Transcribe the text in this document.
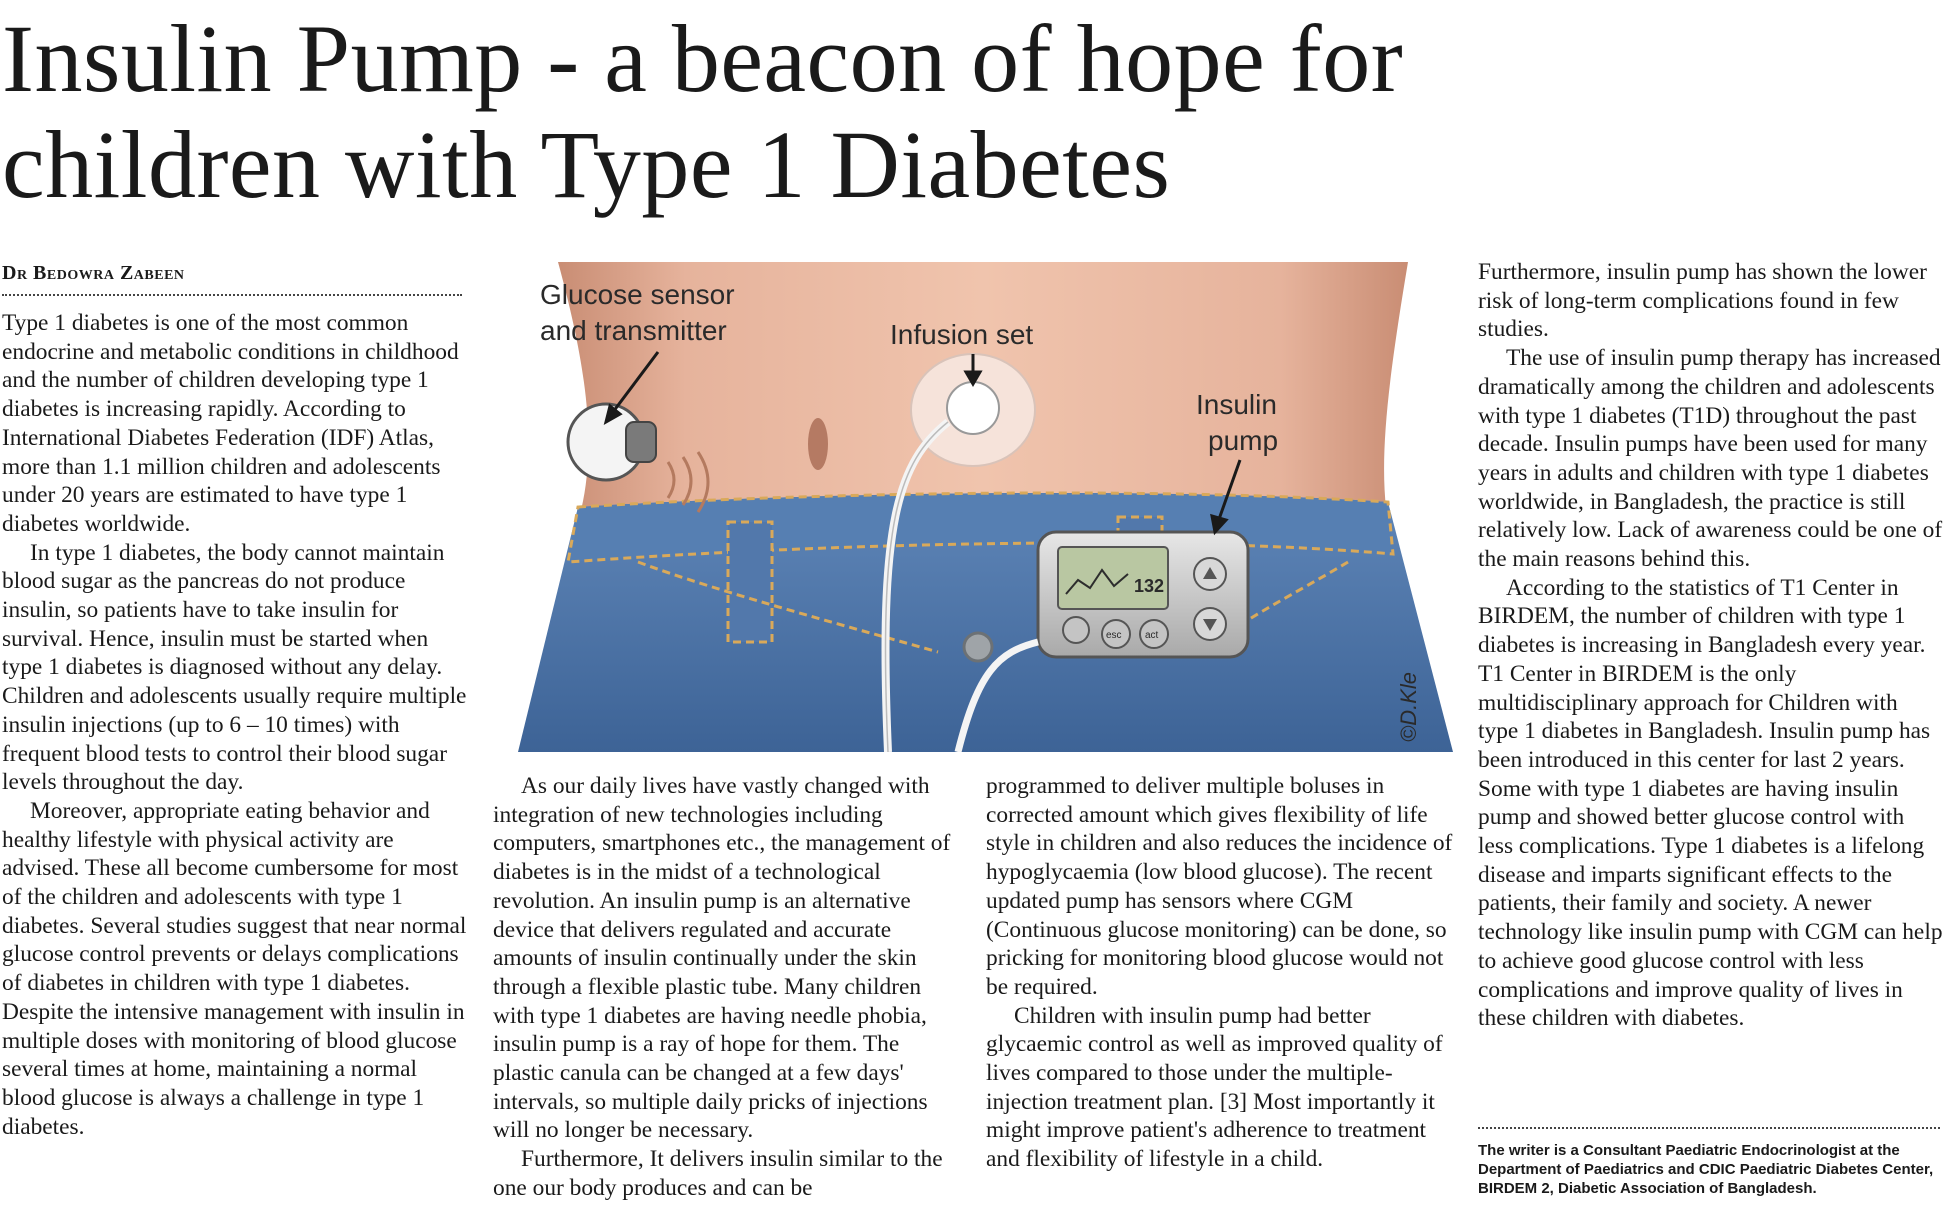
Insulin Pump - a beacon of hope for
children with Type 1 Diabetes
Dr Bedowra Zabeen

Type 1 diabetes is one of the most common endocrine and metabolic conditions in childhood and the number of children developing type 1 diabetes is increasing rapidly. According to International Diabetes Federation (IDF) Atlas, more than 1.1 million children and adolescents under 20 years are estimated to have type 1 diabetes worldwide.

In type 1 diabetes, the body cannot maintain blood sugar as the pancreas do not produce insulin, so patients have to take insulin for survival. Hence, insulin must be started when type 1 diabetes is diagnosed without any delay. Children and adolescents usually require multiple insulin injections (up to 6 – 10 times) with frequent blood tests to control their blood sugar levels throughout the day.

Moreover, appropriate eating behavior and healthy lifestyle with physical activity are advised. These all become cumbersome for most of the children and adolescents with type 1 diabetes. Several studies suggest that near normal glucose control prevents or delays complications of diabetes in children with type 1 diabetes. Despite the intensive management with insulin in multiple doses with monitoring of blood glucose several times at home, maintaining a normal blood glucose is always a challenge in type 1 diabetes.

132
esc act
Glucose sensor
and transmitter	Infusion set
Insulin
pump
©D.Kle

As our daily lives have vastly changed with integration of new technologies including computers, smartphones etc., the management of diabetes is in the midst of a technological revolution. An insulin pump is an alternative device that delivers regulated and accurate amounts of insulin continually under the skin through a flexible plastic tube. Many children with type 1 diabetes are having needle phobia, insulin pump is a ray of hope for them. The plastic canula can be changed at a few days' intervals, so multiple daily pricks of injections will no longer be necessary.

Furthermore, It delivers insulin similar to the one our body produces and can be

programmed to deliver multiple boluses in corrected amount which gives flexibility of life style in children and also reduces the incidence of hypoglycaemia (low blood glucose). The recent updated pump has sensors where CGM (Continuous glucose monitoring) can be done, so pricking for monitoring blood glucose would not be required.

Children with insulin pump had better glycaemic control as well as improved quality of lives compared to those under the multiple-injection treatment plan. [3] Most importantly it might improve patient's adherence to treatment and flexibility of lifestyle in a child.

Furthermore, insulin pump has shown the lower risk of long-term complications found in few studies.

The use of insulin pump therapy has increased dramatically among the children and adolescents with type 1 diabetes (T1D) throughout the past decade. Insulin pumps have been used for many years in adults and children with type 1 diabetes worldwide, in Bangladesh, the practice is still relatively low. Lack of awareness could be one of the main reasons behind this.

According to the statistics of T1 Center in BIRDEM, the number of children with type 1 diabetes is increasing in Bangladesh every year. T1 Center in BIRDEM is the only multidisciplinary approach for Children with type 1 diabetes in Bangladesh. Insulin pump has been introduced in this center for last 2 years. Some with type 1 diabetes are having insulin pump and showed better glucose control with less complications. Type 1 diabetes is a lifelong disease and imparts significant effects to the patients, their family and society. A newer technology like insulin pump with CGM can help to achieve good glucose control with less complications and improve quality of lives in these children with diabetes.

The writer is a Consultant Paediatric Endocrinologist at the Department of Paediatrics and CDIC Paediatric Diabetes Center, BIRDEM 2, Diabetic Association of Bangladesh.
